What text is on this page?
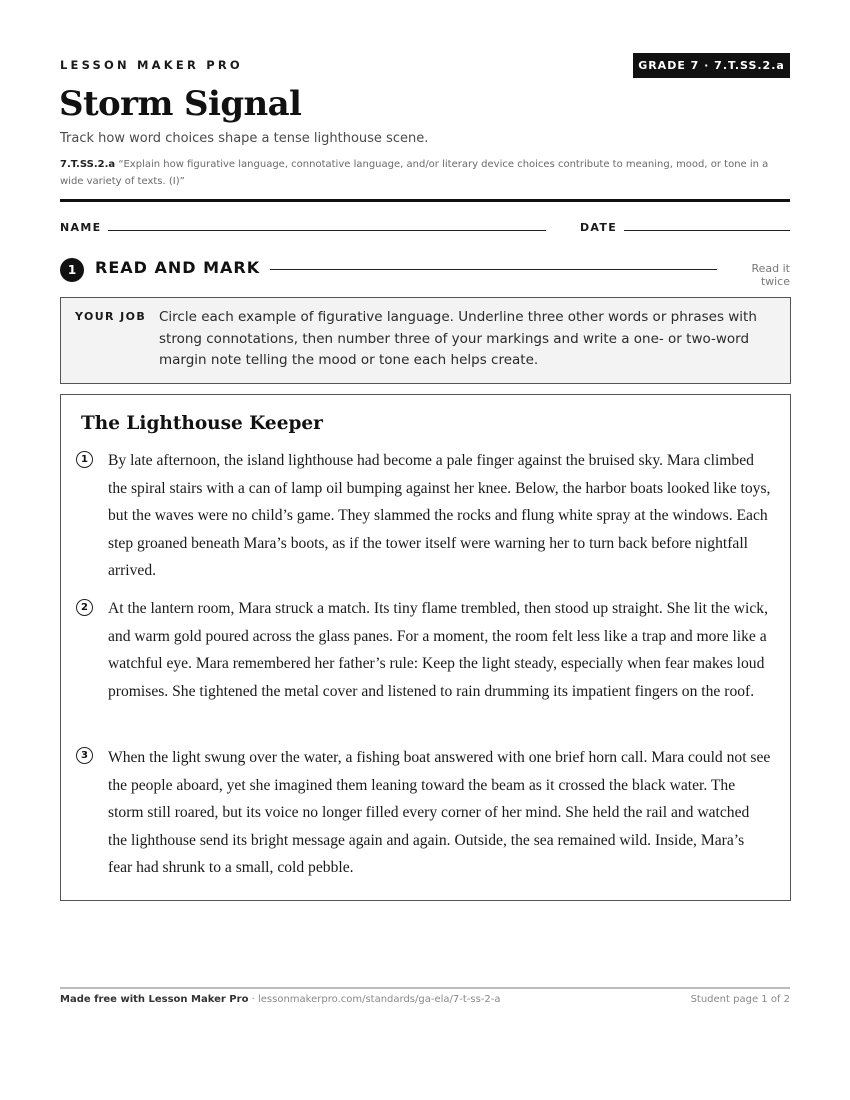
LESSON MAKER PRO	GRADE 7 · 7.T.SS.2.a
Storm Signal
Track how word choices shape a tense lighthouse scene.
7.T.SS.2.a “Explain how figurative language, connotative language, and/or literary device choices contribute to meaning, mood, or tone in a wide variety of texts. (I)”
NAME	DATE
1	READ AND MARK	Read it twice
YOUR JOB Circle each example of figurative language. Underline three other words or phrases with strong connotations, then number three of your markings and write a one- or two-word margin note telling the mood or tone each helps create.
The Lighthouse Keeper
1	By late afternoon, the island lighthouse had become a pale finger against the bruised sky. Mara climbed the spiral stairs with a can of lamp oil bumping against her knee. Below, the harbor boats looked like toys, but the waves were no child’s game. They slammed the rocks and flung white spray at the windows. Each step groaned beneath Mara’s boots, as if the tower itself were warning her to turn back before nightfall arrived.
2	At the lantern room, Mara struck a match. Its tiny flame trembled, then stood up straight. She lit the wick, and warm gold poured across the glass panes. For a moment, the room felt less like a trap and more like a watchful eye. Mara remembered her father’s rule: Keep the light steady, especially when fear makes loud promises. She tightened the metal cover and listened to rain drumming its impatient fingers on the roof.
3	When the light swung over the water, a fishing boat answered with one brief horn call. Mara could not see the people aboard, yet she imagined them leaning toward the beam as it crossed the black water. The storm still roared, but its voice no longer filled every corner of her mind. She held the rail and watched the lighthouse send its bright message again and again. Outside, the sea remained wild. Inside, Mara’s fear had shrunk to a small, cold pebble.
Made free with Lesson Maker Pro · lessonmakerpro.com/standards/ga-ela/7-t-ss-2-a	Student page 1 of 2
